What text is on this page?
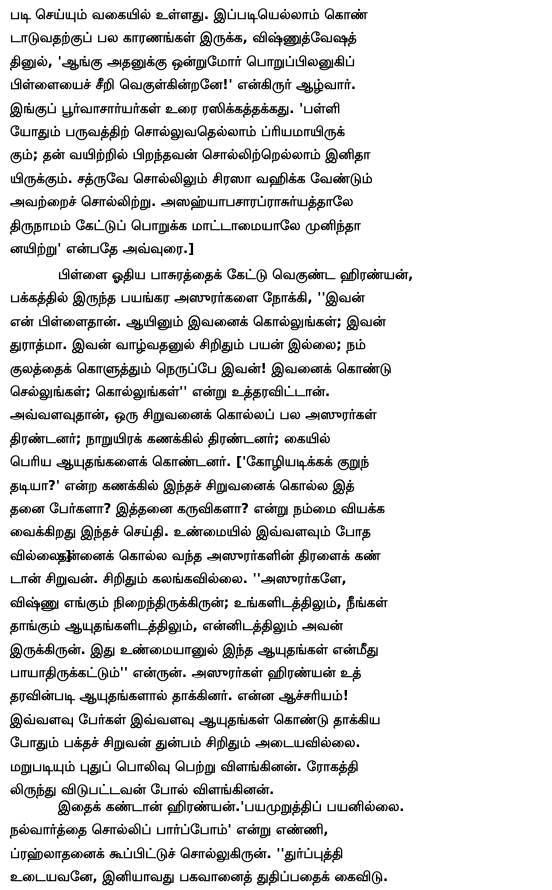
படி செய்யும் வகையில் உள்ளது. இப்படியெல்லாம் கொண்
டாடுவதற்குப் பல காரணங்கள் இருக்க, விஷ்ணுத்வேஷத்
தினுல், 'ஆங்கு அதனுக்கு ஒன்றுமோர் பொறுப்பிலனுகிப்
பிள்ளையைச் சீறி வெகுள்கின்றனே!' என்கிருர் ஆழ்வார்.
இங்குப் பூர்வாசார்யர்கள் உரை ரஸிக்கத்தக்கது. 'பள்ளி
யோதும் பருவத்திற் சொல்லுவதெல்லாம் ப்ரியமாயிருக்
கும்; தன் வயிற்றில் பிறந்தவன் சொல்லிற்றெல்லாம் இனிதா
யிருக்கும். சத்ருவே சொல்லிலும் சிரஸா வஹிக்க வேண்டும்
அவற்றைச் சொல்லிற்று. அஸஹ்யாபசாரப்ராசுர்யத்தாலே
திருநாமம் கேட்டுப் பொறுக்க மாட்டாமையாலே முனிந்தா
னயிற்று' என்பதே அவ்வுரை.]
பிள்ளை ஓதிய பாசுரத்தைக் கேட்டு வெகுண்ட ஹிரண்யன்,
பக்கத்தில் இருந்த பயங்கர அஸுரர்களை நோக்கி, ''இவன்
என் பிள்ளைதான். ஆயினும் இவனைக் கொல்லுங்கள்; இவன்
துராத்மா. இவன் வாழ்வதனுல் சிறிதும் பயன் இல்லை; நம்
குலத்தைக் கொளுத்தும் நெருப்பே இவன்! இவனைக் கொண்டு
செல்லுங்கள்; கொல்லுங்கள்'' என்று உத்தரவிட்டான்.
அவ்வளவுதான், ஒரு சிறுவனைக் கொல்லப் பல அஸுரர்கள்
திரண்டனர்; நாறுயிரக் கணக்கில் திரண்டனர்; கையில்
பெரிய ஆயுதங்களைக் கொண்டனர். ['கோழியடிக்கக் குறுந்
தடியா?' என்ற கணக்கில் இந்தச் சிறுவனைக் கொல்ல இத்
தனை பேர்களா? இத்தனை கருவிகளா? என்று நம்மை வியக்க
வைக்கிறது இந்தச் செய்தி. உண்மையில் இவ்வளவும் போத
வில்லை.]
தன்னைக் கொல்ல வந்த அஸுரர்களின் திரளைக் கண்
டான் சிறுவன். சிறிதும் கலங்கவில்லை. ''அஸுரர்களே,
விஷ்ணு எங்கும் நிறைந்திருக்கிருன்; உங்களிடத்திலும், நீங்கள்
தாங்கும் ஆயுதங்களிடத்திலும், என்னிடத்திலும் அவன்
இருக்கிருன். இது உண்மையானுல் இந்த ஆயுதங்கள் என்மீது
பாயாதிருக்கட்டும்'' என்ருன். அஸுரர்கள் ஹிரண்யன் உத்
தரவின்படி ஆயுதங்களால் தாக்கினர். என்ன ஆச்சரியம்!
இவ்வளவு பேர்கள் இவ்வளவு ஆயுதங்கள் கொண்டு தாக்கிய
போதும் பக்தச் சிறுவன் துன்பம் சிறிதும் அடையவில்லை.
மறுபடியும் புதுப் பொலிவு பெற்று விளங்கினன். ரோகத்தி
லிருந்து விடுபட்டவன் போல் விளங்கினன்.
இதைக் கண்டான் ஹிரண்யன்.'பயமுறுத்திப் பயனில்லை.
நல்வார்த்தை சொல்லிப் பார்ப்போம்' என்று எண்ணி,
ப்ரஹ்லாதனைக் கூப்பிட்டுச் சொல்லுகிருன். ''துர்ப்புத்தி
உடையவனே, இனியாவது பகவானைத் துதிப்பதைக் கைவிடு.
